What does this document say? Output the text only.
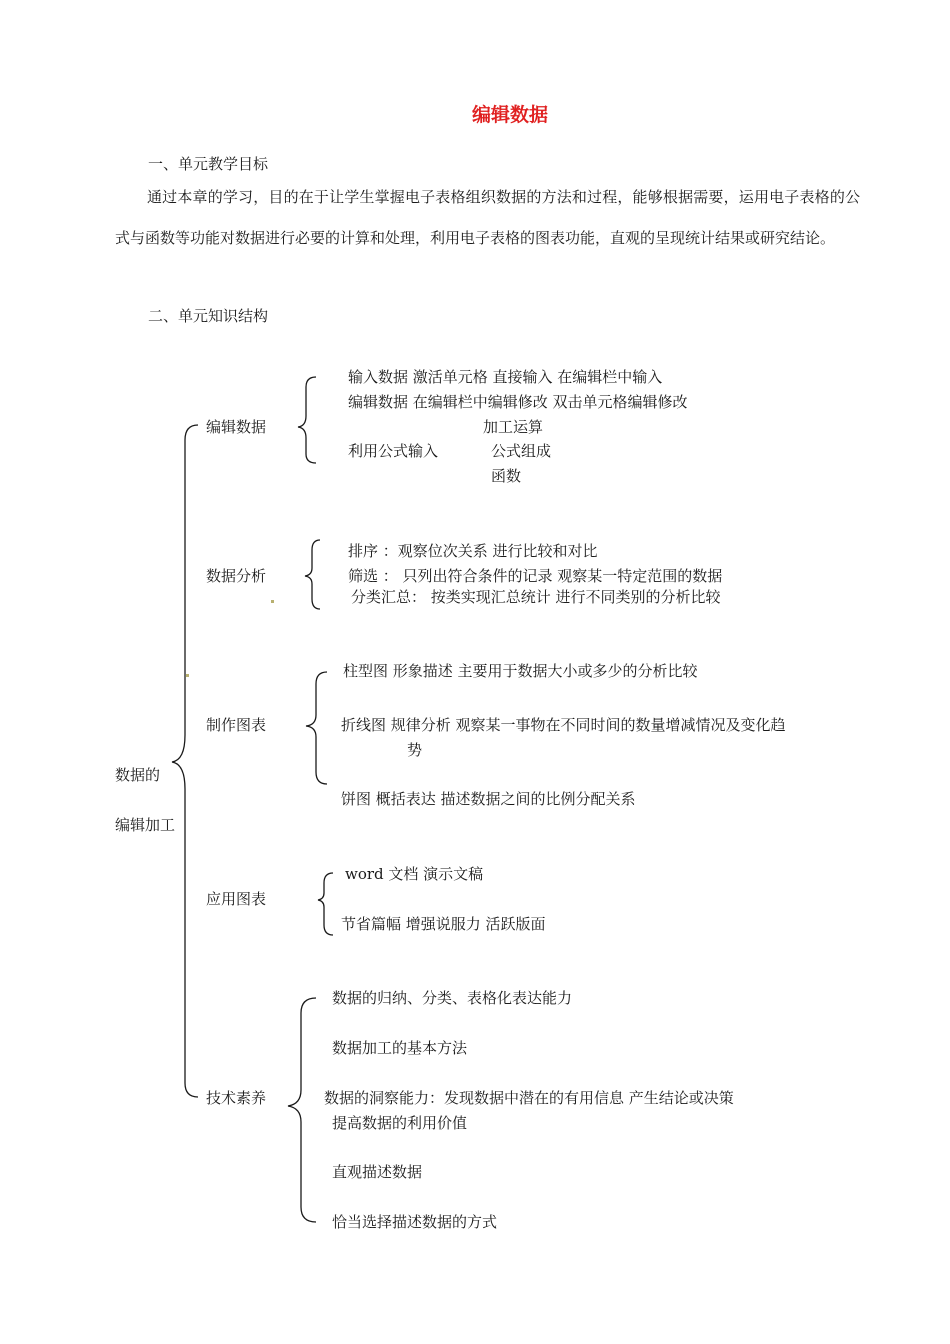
编辑数据
一、单元教学目标
通过本章的学习，目的在于让学生掌握电子表格组织数据的方法和过程，能够根据需要，运用电子表格的公式与函数等功能对数据进行必要的计算和处理，利用电子表格的图表功能，直观的呈现统计结果或研究结论。
二、单元知识结构
数据的
编辑加工
编辑数据
输入数据 激活单元格 直接输入 在编辑栏中输入
编辑数据 在编辑栏中编辑修改 双击单元格编辑修改
加工运算
利用公式输入	公式组成
函数
数据分析
排序 ：观察位次关系 进行比较和对比
筛选 ： 只列出符合条件的记录 观察某一特定范围的数据
分类汇总： 按类实现汇总统计 进行不同类别的分析比较
制作图表
柱型图 形象描述 主要用于数据大小或多少的分析比较
折线图 规律分析 观察某一事物在不同时间的数量增减情况及变化趋
势
饼图 概括表达 描述数据之间的比例分配关系
应用图表
word 文档 演示文稿
节省篇幅 增强说服力 活跃版面
技术素养
数据的归纳、分类、表格化表达能力
数据加工的基本方法
数据的洞察能力：发现数据中潜在的有用信息 产生结论或决策
提高数据的利用价值
直观描述数据
恰当选择描述数据的方式
